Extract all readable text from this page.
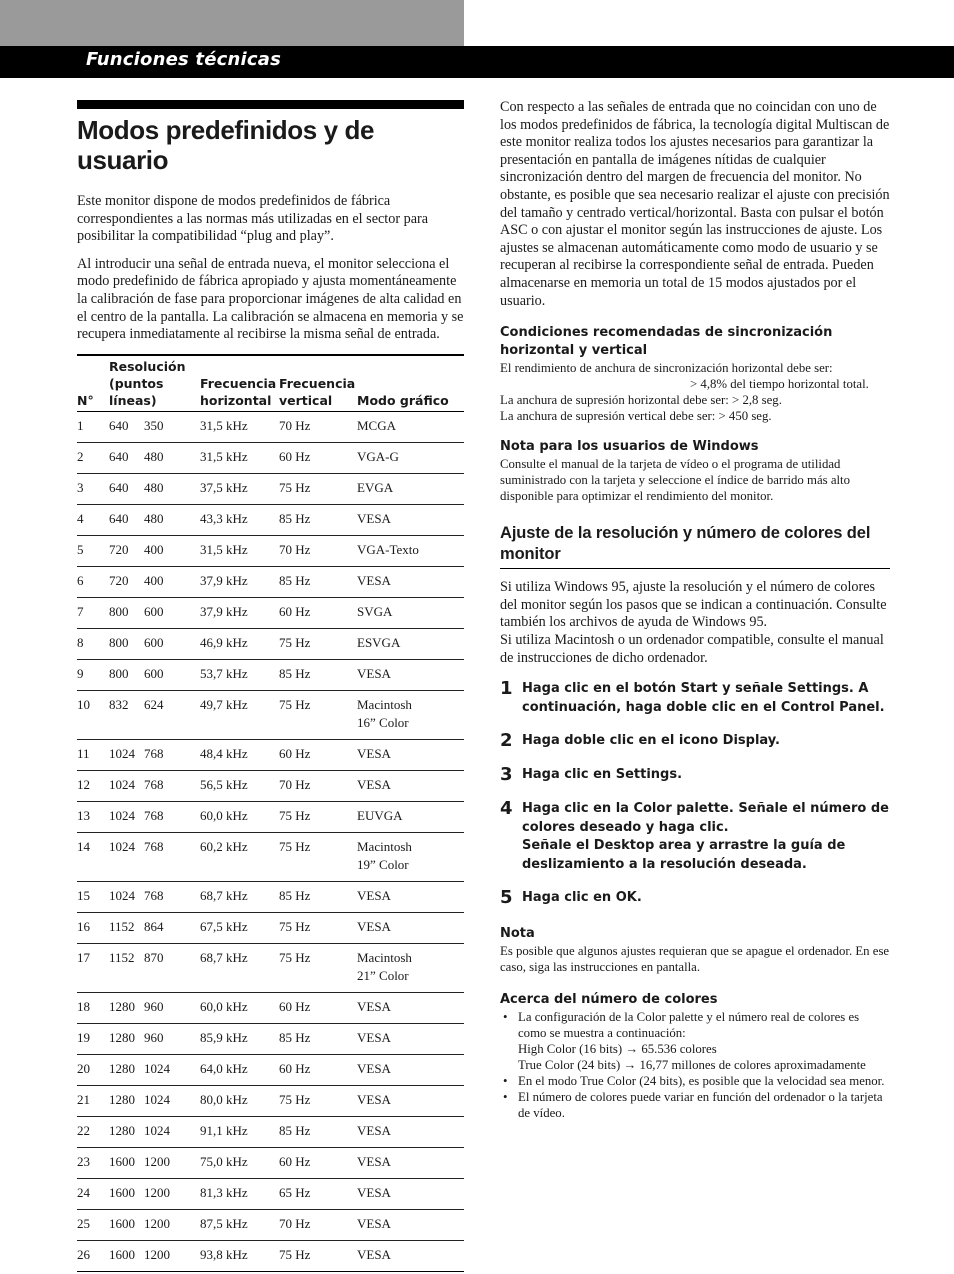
Funciones técnicas
Modos predefinidos y de usuario

Este monitor dispone de modos predefinidos de fábrica correspondientes a las normas más utilizadas en el sector para posibilitar la compatibilidad “plug and play”.

Al introducir una señal de entrada nueva, el monitor selecciona el modo predefinido de fábrica apropiado y ajusta momentáneamente la calibración de fase para proporcionar imágenes de alta calidad en el centro de la pantalla. La calibración se almacena en memoria y se recupera inmediatamente al recibirse la misma señal de entrada.

N°	Resolución (puntos líneas)		Frecuencia horizontal	Frecuencia vertical	Modo gráfico
1	640	350	31,5 kHz	70 Hz	MCGA
2	640	480	31,5 kHz	60 Hz	VGA-G
3	640	480	37,5 kHz	75 Hz	EVGA
4	640	480	43,3 kHz	85 Hz	VESA
5	720	400	31,5 kHz	70 Hz	VGA-Texto
6	720	400	37,9 kHz	85 Hz	VESA
7	800	600	37,9 kHz	60 Hz	SVGA
8	800	600	46,9 kHz	75 Hz	ESVGA
9	800	600	53,7 kHz	85 Hz	VESA
10	832	624	49,7 kHz	75 Hz	Macintosh
16” Color
11	1024	768	48,4 kHz	60 Hz	VESA
12	1024	768	56,5 kHz	70 Hz	VESA
13	1024	768	60,0 kHz	75 Hz	EUVGA
14	1024	768	60,2 kHz	75 Hz	Macintosh
19” Color
15	1024	768	68,7 kHz	85 Hz	VESA
16	1152	864	67,5 kHz	75 Hz	VESA
17	1152	870	68,7 kHz	75 Hz	Macintosh
21” Color
18	1280	960	60,0 kHz	60 Hz	VESA
19	1280	960	85,9 kHz	85 Hz	VESA
20	1280	1024	64,0 kHz	60 Hz	VESA
21	1280	1024	80,0 kHz	75 Hz	VESA
22	1280	1024	91,1 kHz	85 Hz	VESA
23	1600	1200	75,0 kHz	60 Hz	VESA
24	1600	1200	81,3 kHz	65 Hz	VESA
25	1600	1200	87,5 kHz	70 Hz	VESA
26	1600	1200	93,8 kHz	75 Hz	VESA

Con respecto a las señales de entrada que no coincidan con uno de los modos predefinidos de fábrica, la tecnología digital Multiscan de este monitor realiza todos los ajustes necesarios para garantizar la presentación en pantalla de imágenes nítidas de cualquier sincronización dentro del margen de frecuencia del monitor. No obstante, es posible que sea necesario realizar el ajuste con precisión del tamaño y centrado vertical/horizontal. Basta con pulsar el botón ASC o con ajustar el monitor según las instrucciones de ajuste. Los ajustes se almacenan automáticamente como modo de usuario y se recuperan al recibirse la correspondiente señal de entrada. Pueden almacenarse en memoria un total de 15 modos ajustados por el usuario.

Condiciones recomendadas de sincronización horizontal y vertical

El rendimiento de anchura de sincronización horizontal debe ser:

> 4,8% del tiempo horizontal total.

La anchura de supresión horizontal debe ser: > 2,8 seg.

La anchura de supresión vertical debe ser: > 450 seg.

Nota para los usuarios de Windows

Consulte el manual de la tarjeta de vídeo o el programa de utilidad suministrado con la tarjeta y seleccione el índice de barrido más alto disponible para optimizar el rendimiento del monitor.

Ajuste de la resolución y número de colores del monitor

Si utiliza Windows 95, ajuste la resolución y el número de colores del monitor según los pasos que se indican a continuación. Consulte también los archivos de ayuda de Windows 95.

Si utiliza Macintosh o un ordenador compatible, consulte el manual de instrucciones de dicho ordenador.

1 Haga clic en el botón Start y señale Settings. A continuación, haga doble clic en el Control Panel.
2 Haga doble clic en el icono Display.
3 Haga clic en Settings.
4 Haga clic en la Color palette. Señale el número de colores deseado y haga clic.
Señale el Desktop area y arrastre la guía de deslizamiento a la resolución deseada.
5 Haga clic en OK.

Nota

Es posible que algunos ajustes requieran que se apague el ordenador. En ese caso, siga las instrucciones en pantalla.

Acerca del número de colores

• La configuración de la Color palette y el número real de colores es como se muestra a continuación:
High Color (16 bits) → 65.536 colores
True Color (24 bits) → 16,77 millones de colores aproximadamente
• En el modo True Color (24 bits), es posible que la velocidad sea menor.
• El número de colores puede variar en función del ordenador o la tarjeta de vídeo.
